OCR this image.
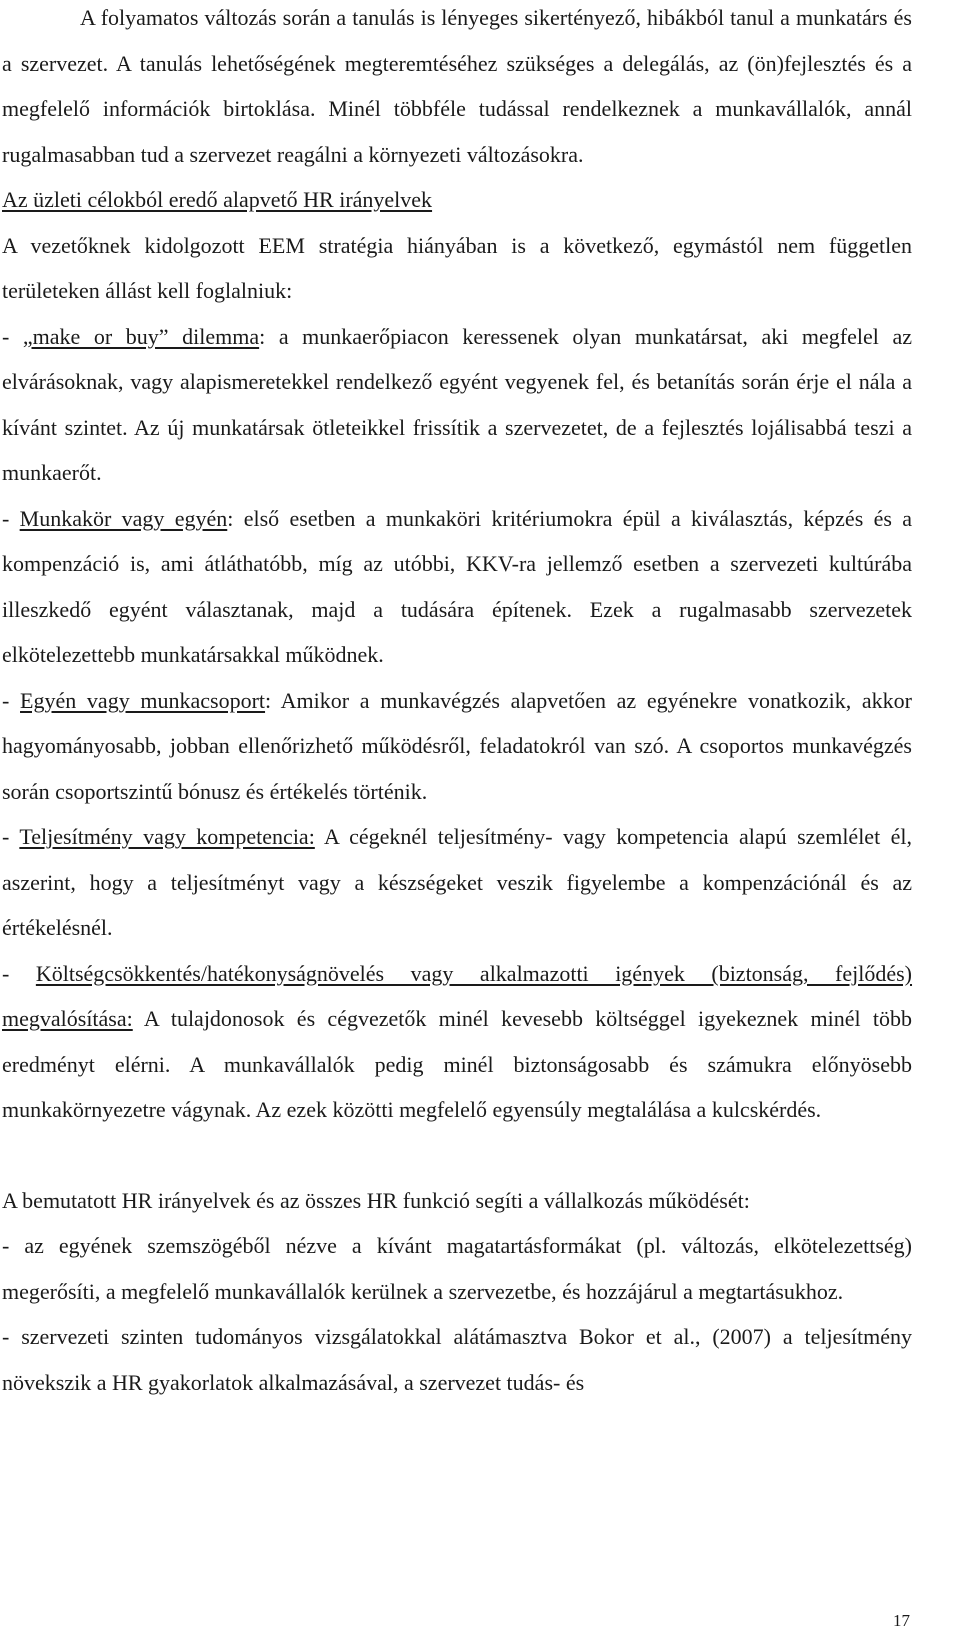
A folyamatos változás során a tanulás is lényeges sikertényező, hibákból tanul a munkatárs és a szervezet. A tanulás lehetőségének megteremtéséhez szükséges a delegálás, az (ön)fejlesztés és a megfelelő információk birtoklása. Minél többféle tudással rendelkeznek a munkavállalók, annál rugalmasabban tud a szervezet reagálni a környezeti változásokra.

Az üzleti célokból eredő alapvető HR irányelvek

A vezetőknek kidolgozott EEM stratégia hiányában is a következő, egymástól nem független területeken állást kell foglalniuk:

- „make or buy” dilemma: a munkaerőpiacon keressenek olyan munkatársat, aki megfelel az elvárásoknak, vagy alapismeretekkel rendelkező egyént vegyenek fel, és betanítás során érje el nála a kívánt szintet. Az új munkatársak ötleteikkel frissítik a szervezetet, de a fejlesztés lojálisabbá teszi a munkaerőt.

- Munkakör vagy egyén: első esetben a munkaköri kritériumokra épül a kiválasztás, képzés és a kompenzáció is, ami átláthatóbb, míg az utóbbi, KKV-ra jellemző esetben a szervezeti kultúrába illeszkedő egyént választanak, majd a tudására építenek. Ezek a rugalmasabb szervezetek elkötelezettebb munkatársakkal működnek.

- Egyén vagy munkacsoport: Amikor a munkavégzés alapvetően az egyénekre vonatkozik, akkor hagyományosabb, jobban ellenőrizhető működésről, feladatokról van szó. A csoportos munkavégzés során csoportszintű bónusz és értékelés történik.

- Teljesítmény vagy kompetencia: A cégeknél teljesítmény- vagy kompetencia alapú szemlélet él, aszerint, hogy a teljesítményt vagy a készségeket veszik figyelembe a kompenzációnál és az értékelésnél.

- Költségcsökkentés/hatékonyságnövelés vagy alkalmazotti igények (biztonság, fejlődés) megvalósítása: A tulajdonosok és cégvezetők minél kevesebb költséggel igyekeznek minél több eredményt elérni. A munkavállalók pedig minél biztonságosabb és számukra előnyösebb munkakörnyezetre vágynak. Az ezek közötti megfelelő egyensúly megtalálása a kulcskérdés.

A bemutatott HR irányelvek és az összes HR funkció segíti a vállalkozás működését:

- az egyének szemszögéből nézve a kívánt magatartásformákat (pl. változás, elkötelezettség) megerősíti, a megfelelő munkavállalók kerülnek a szervezetbe, és hozzájárul a megtartásukhoz.

- szervezeti szinten tudományos vizsgálatokkal alátámasztva Bokor et al., (2007) a teljesítmény növekszik a HR gyakorlatok alkalmazásával, a szervezet tudás- és

17
